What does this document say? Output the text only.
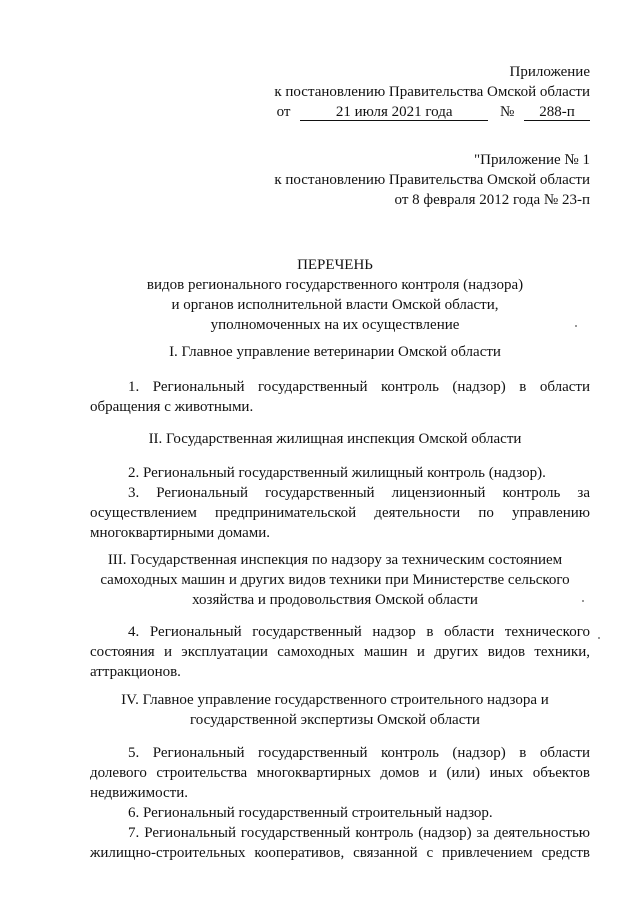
Приложение
к постановлению Правительства Омской области
от	21 июля 2021 года	№ 288-п
"Приложение № 1
к постановлению Правительства Омской области
от 8 февраля 2012 года № 23-п
ПЕРЕЧЕНЬ
видов регионального государственного контроля (надзора)
и органов исполнительной власти Омской области,
уполномоченных на их осуществление
I. Главное управление ветеринарии Омской области
1. Региональный государственный контроль (надзор) в области
обращения с животными.
II. Государственная жилищная инспекция Омской области
2. Региональный государственный жилищный контроль (надзор).
3. Региональный государственный лицензионный контроль за
осуществлением предпринимательской деятельности по управлению
многоквартирными домами.
III. Государственная инспекция по надзору за техническим состоянием
самоходных машин и других видов техники при Министерстве сельского
хозяйства и продовольствия Омской области
4. Региональный государственный надзор в области технического
состояния и эксплуатации самоходных машин и других видов техники,
аттракционов.
IV. Главное управление государственного строительного надзора и
государственной экспертизы Омской области
5. Региональный государственный контроль (надзор) в области
долевого строительства многоквартирных домов и (или) иных объектов
недвижимости.
6. Региональный государственный строительный надзор.
7. Региональный государственный контроль (надзор) за деятельностью
жилищно-строительных кооперативов, связанной с привлечением средств
